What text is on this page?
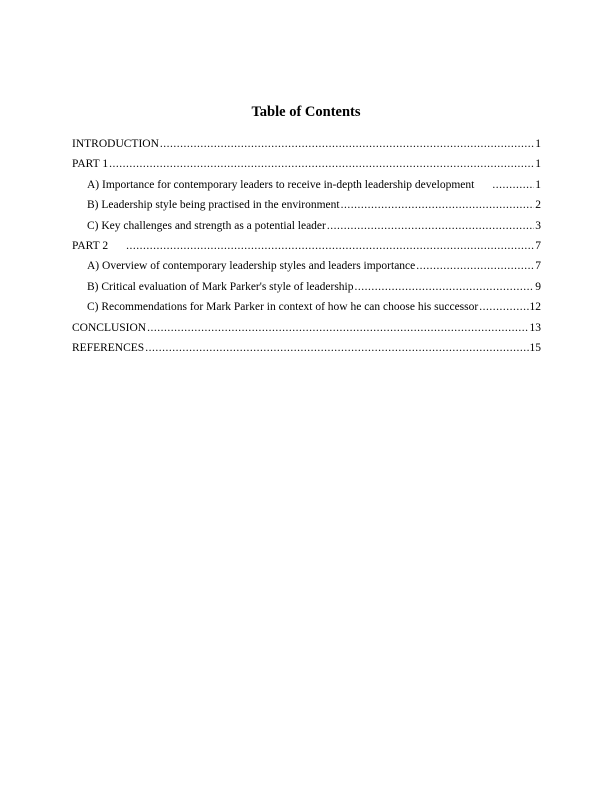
Table of Contents
INTRODUCTION .....	1
PART 1 .....	1
A) Importance for contemporary leaders to receive in-depth leadership development .....	1
B) Leadership style being practised in the environment .....	2
C) Key challenges and strength as a potential leader .....	3
PART 2 .....	7
A) Overview of contemporary leadership styles and leaders importance .....	7
B) Critical evaluation of Mark Parker's style of leadership .....	9
C) Recommendations for Mark Parker in context of how he can choose his successor .....	12
CONCLUSION .....	13
REFERENCES .....	15
